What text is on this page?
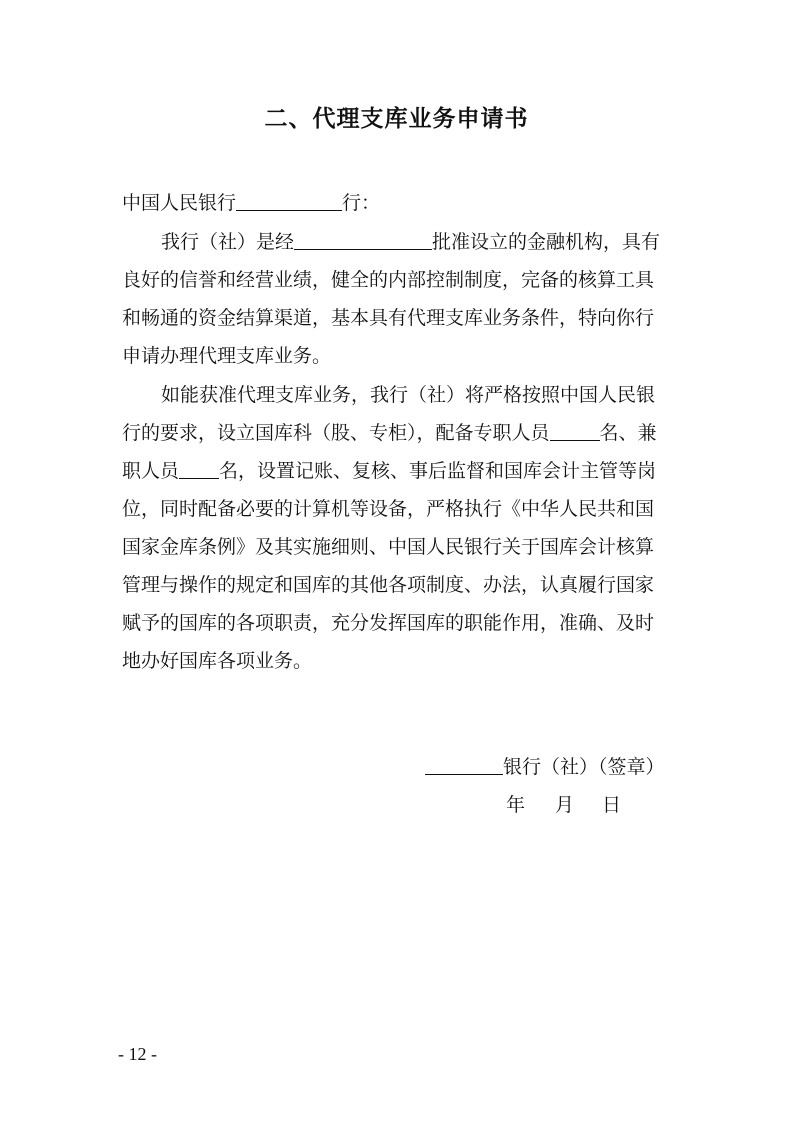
二、代理支库业务申请书
中国人民银行	行：
我行（社）是经	批准设立的金融机构，具有
良好的信誉和经营业绩，健全的内部控制制度，完备的核算工具
和畅通的资金结算渠道，基本具有代理支库业务条件，特向你行
申请办理代理支库业务。
如能获准代理支库业务，我行（社）将严格按照中国人民银
行的要求，设立国库科（股、专柜），配备专职人员	名、兼
职人员 名，设置记账、复核、事后监督和国库会计主管等岗
位，同时配备必要的计算机等设备，严格执行《中华人民共和国
国家金库条例》及其实施细则、中国人民银行关于国库会计核算
管理与操作的规定和国库的其他各项制度、办法，认真履行国家
赋予的国库的各项职责，充分发挥国库的职能作用，准确、及时
地办好国库各项业务。
银行（社）（签章）
年 月 日
- 12 -
